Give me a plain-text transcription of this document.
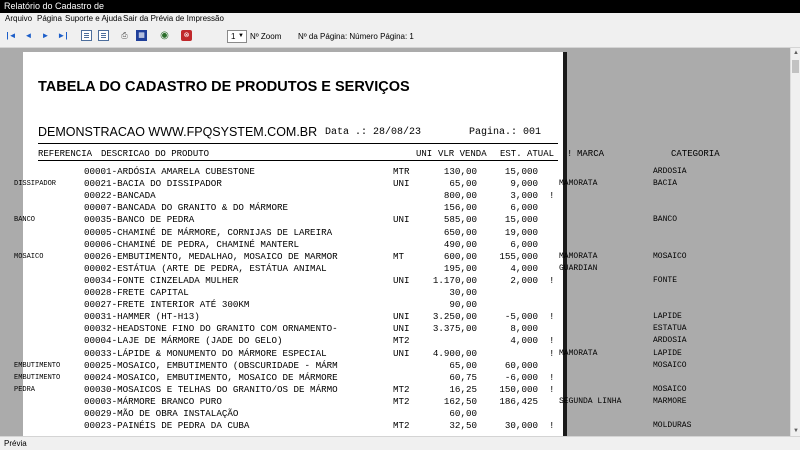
Relatório do Cadastro de
Arquivo Página Suporte e Ajuda Sair da Prévia de Impressão
|◄ ◄ ► ►|	⎙	▦ ◉	⊗	1 ▼ Nº Zoom Nº da Página: Número Página: 1
TABELA DO CADASTRO DE PRODUTOS E SERVIÇOS
DEMONSTRACAO WWW.FPQSYSTEM.COM.BR Data .: 28/08/23	Pagina.: 001
REFERENCIA DESCRICAO DO PRODUTO	UNI VLR VENDA EST. ATUAL ! MARCA	CATEGORIA
00001-ARDÓSIA AMARELA CUBESTONE	MTR	130,00	15,000	ARDOSIA
DISSIPADOR	00021-BACIA DO DISSIPADOR	UNI	65,00	9,000	MAMORATA	BACIA
00022-BANCADA	800,00	3,000 !
00007-BANCADA DO GRANITO & DO MÁRMORE	156,00	6,000
BANCO	00035-BANCO DE PEDRA	UNI	585,00	15,000	BANCO
00005-CHAMINÉ DE MÁRMORE, CORNIJAS DE LAREIRA	650,00	19,000
00006-CHAMINÉ DE PEDRA, CHAMINÉ MANTERL	490,00	6,000
MOSAICO	00026-EMBUTIMENTO, MEDALHAO, MOSAICO DE MARMOR	MT	600,00 155,000	MAMORATA	MOSAICO
00002-ESTÁTUA (ARTE DE PEDRA, ESTÁTUA ANIMAL	195,00	4,000	GUARDIAN
00034-FONTE CINZELADA MULHER	UNI	1.170,00	2,000 !	FONTE
00028-FRETE CAPITAL	30,00
00027-FRETE INTERIOR ATÉ 300KM	90,00
00031-HAMMER (HT-H13)	UNI	3.250,00	-5,000 !	LAPIDE
00032-HEADSTONE FINO DO GRANITO COM ORNAMENTO-	UNI	3.375,00	8,000	ESTATUA
00004-LAJE DE MÁRMORE (JADE DO GELO)	MT2	4,000 !	ARDOSIA
00033-LÁPIDE & MONUMENTO DO MÁRMORE ESPECIAL	UNI	4.900,00	! MAMORATA	LAPIDE
EMBUTIMENTO	00025-MOSAICO, EMBUTIMENTO (OBSCURIDADE - MÁRM	65,00	60,000	MOSAICO
EMBUTIMENTO	00024-MOSAICO, EMBUTIMENTO, MOSAICO DE MÁRMORE	60,75	-6,000 !
PEDRA	00030-MOSAICOS E TELHAS DO GRANITO/OS DE MÁRMO	MT2	16,25 150,000 !	MOSAICO
00003-MÁRMORE BRANCO PURO	MT2	162,50 186,425	SEGUNDA LINHA	MARMORE
00029-MÃO DE OBRA INSTALAÇÃO	60,00
00023-PAINÉIS DE PEDRA DA CUBA	MT2	32,50	30,000 !	MOLDURAS
▲
▼
Prévia
